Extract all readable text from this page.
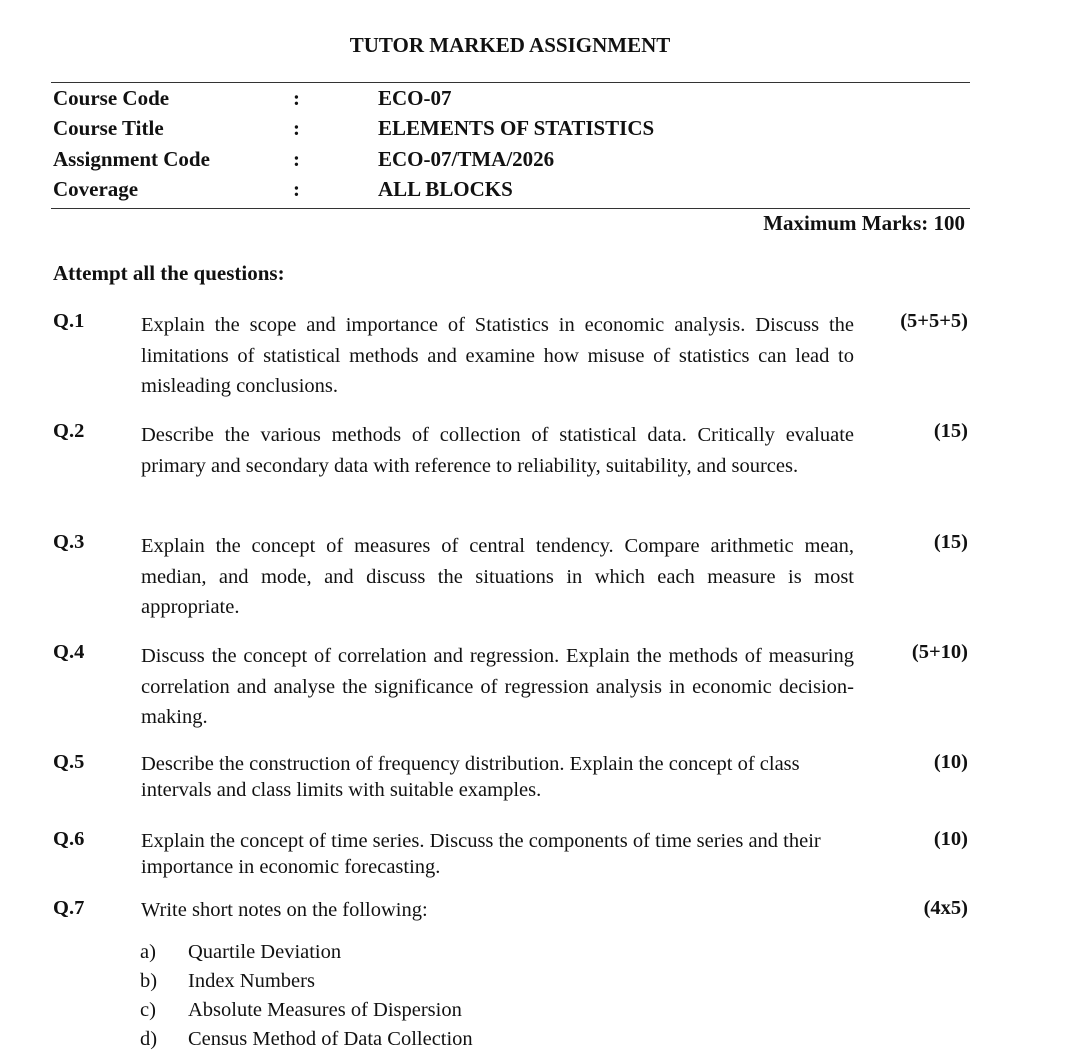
TUTOR MARKED ASSIGNMENT
Course Code	:	ECO-07
Course Title	:	ELEMENTS OF STATISTICS
Assignment Code	:	ECO-07/TMA/2026
Coverage	:	ALL BLOCKS
Maximum Marks: 100
Attempt all the questions:
Q.1	Explain the scope and importance of Statistics in economic analysis. Discuss the limitations of statistical methods and examine how misuse of statistics can lead to misleading conclusions.
(5+5+5)
Q.2	Describe the various methods of collection of statistical data. Critically evaluate primary and secondary data with reference to reliability, suitability, and sources.
(15)
Q.3	Explain the concept of measures of central tendency. Compare arithmetic mean, median, and mode, and discuss the situations in which each measure is most appropriate.
(15)
Q.4	Discuss the concept of correlation and regression. Explain the methods of measuring correlation and analyse the significance of regression analysis in economic decision-making.
(5+10)
Q.5	Describe the construction of frequency distribution. Explain the concept of class intervals and class limits with suitable examples.
(10)
Q.6	Explain the concept of time series. Discuss the components of time series and their importance in economic forecasting.
(10)
Q.7	Write short notes on the following:	(4x5)
a)	Quartile Deviation
b)	Index Numbers
c)	Absolute Measures of Dispersion
d)	Census Method of Data Collection
